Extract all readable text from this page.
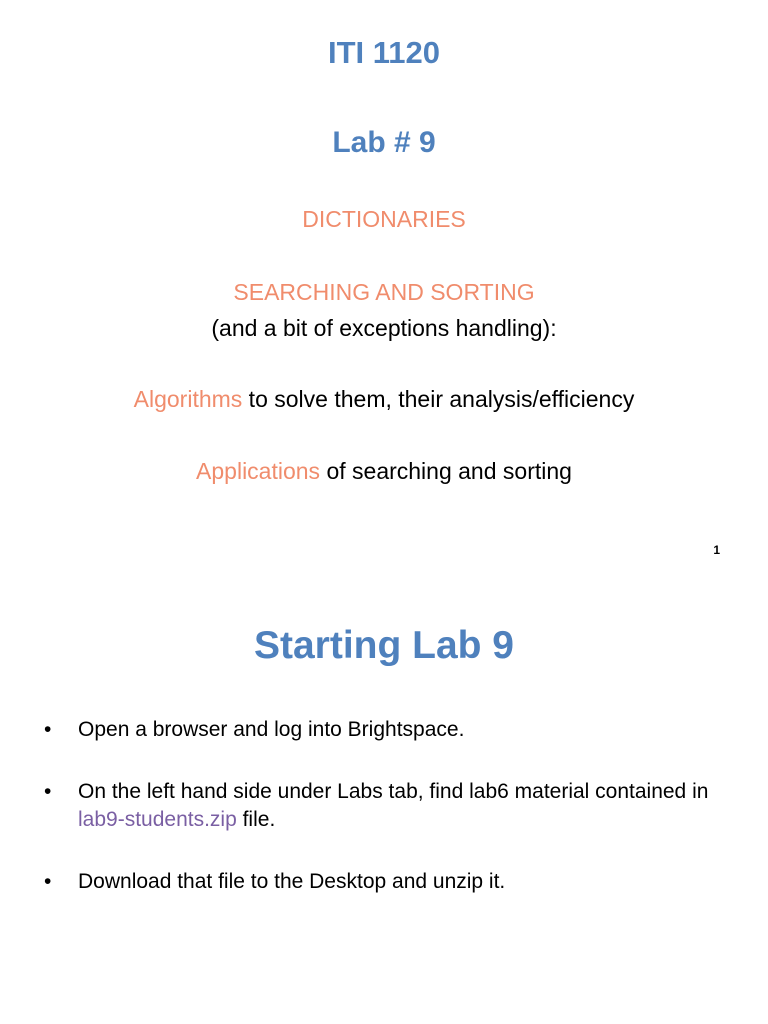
ITI 1120
Lab # 9
DICTIONARIES
SEARCHING AND SORTING
(and a bit of exceptions handling):
Algorithms to solve them, their analysis/efficiency
Applications of searching and sorting
1
Starting Lab 9
• Open a browser and log into Brightspace.
• On the left hand side under Labs tab, find lab6 material contained in lab9-students.zip file.
• Download that file to the Desktop and unzip it.
